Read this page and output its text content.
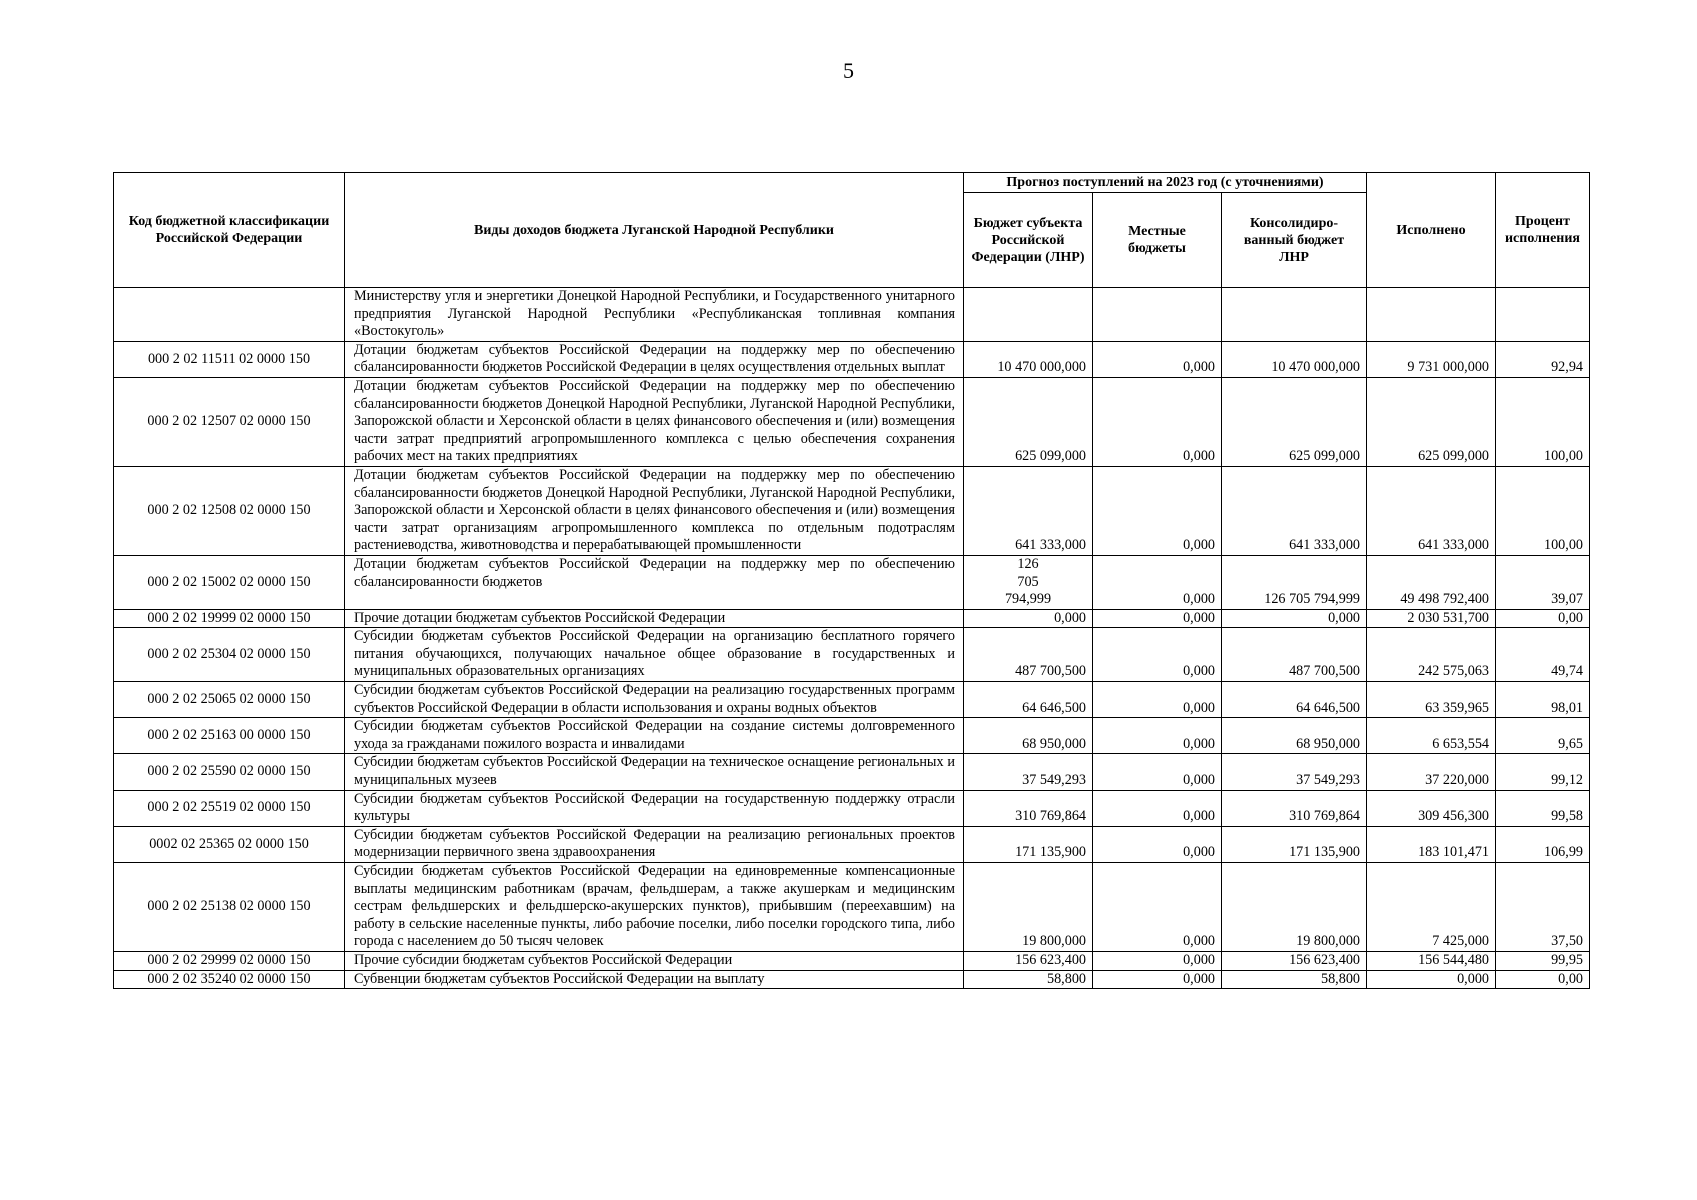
5
Код бюджетной классификации Российской Федерации	Виды доходов бюджета Луганской Народной Республики	Прогноз поступлений на 2023 год (с уточнениями)			Исполнено	Процент исполнения
		Бюджет субъекта Российской Федерации (ЛНР)	Местные бюджеты	Консолидиро-ванный бюджет ЛНР		
	Министерству угля и энергетики Донецкой Народной Республики, и Государственного унитарного предприятия Луганской Народной Республики «Республиканская топливная компания «Востокуголь»					
000 2 02 11511 02 0000 150	Дотации бюджетам субъектов Российской Федерации на поддержку мер по обеспечению сбалансированности бюджетов Российской Федерации в целях осуществления отдельных выплат	10 470 000,000	0,000	10 470 000,000	9 731 000,000	92,94
000 2 02 12507 02 0000 150	Дотации бюджетам субъектов Российской Федерации на поддержку мер по обеспечению сбалансированности бюджетов Донецкой Народной Республики, Луганской Народной Республики, Запорожской области и Херсонской области в целях финансового обеспечения и (или) возмещения части затрат предприятий агропромышленного комплекса с целью обеспечения сохранения рабочих мест на таких предприятиях	625 099,000	0,000	625 099,000	625 099,000	100,00
000 2 02 12508 02 0000 150	Дотации бюджетам субъектов Российской Федерации на поддержку мер по обеспечению сбалансированности бюджетов Донецкой Народной Республики, Луганской Народной Республики, Запорожской области и Херсонской области в целях финансового обеспечения и (или) возмещения части затрат организациям агропромышленного комплекса по отдельным подотраслям растениеводства, животноводства и перерабатывающей промышленности	641 333,000	0,000	641 333,000	641 333,000	100,00
000 2 02 15002 02 0000 150	Дотации бюджетам субъектов Российской Федерации на поддержку мер по обеспечению сбалансированности бюджетов	126 705 794,999	0,000	126 705 794,999	49 498 792,400	39,07
000 2 02 19999 02 0000 150	Прочие дотации бюджетам субъектов Российской Федерации	0,000	0,000	0,000	2 030 531,700	0,00
000 2 02 25304 02 0000 150	Субсидии бюджетам субъектов Российской Федерации на организацию бесплатного горячего питания обучающихся, получающих начальное общее образование в государственных и муниципальных образовательных организациях	487 700,500	0,000	487 700,500	242 575,063	49,74
000 2 02 25065 02 0000 150	Субсидии бюджетам субъектов Российской Федерации на реализацию государственных программ субъектов Российской Федерации в области использования и охраны водных объектов	64 646,500	0,000	64 646,500	63 359,965	98,01
000 2 02 25163 00 0000 150	Субсидии бюджетам субъектов Российской Федерации на создание системы долговременного ухода за гражданами пожилого возраста и инвалидами	68 950,000	0,000	68 950,000	6 653,554	9,65
000 2 02 25590 02 0000 150	Субсидии бюджетам субъектов Российской Федерации на техническое оснащение региональных и муниципальных музеев	37 549,293	0,000	37 549,293	37 220,000	99,12
000 2 02 25519 02 0000 150	Субсидии бюджетам субъектов Российской Федерации на государственную поддержку отрасли культуры	310 769,864	0,000	310 769,864	309 456,300	99,58
0002 02 25365 02 0000 150	Субсидии бюджетам субъектов Российской Федерации на реализацию региональных проектов модернизации первичного звена здравоохранения	171 135,900	0,000	171 135,900	183 101,471	106,99
000 2 02 25138 02 0000 150	Субсидии бюджетам субъектов Российской Федерации на единовременные компенсационные выплаты медицинским работникам (врачам, фельдшерам, а также акушеркам и медицинским сестрам фельдшерских и фельдшерско-акушерских пунктов), прибывшим (переехавшим) на работу в сельские населенные пункты, либо рабочие поселки, либо поселки городского типа, либо города с населением до 50 тысяч человек	19 800,000	0,000	19 800,000	7 425,000	37,50
000 2 02 29999 02 0000 150	Прочие субсидии бюджетам субъектов Российской Федерации	156 623,400	0,000	156 623,400	156 544,480	99,95
000 2 02 35240 02 0000 150	Субвенции бюджетам субъектов Российской Федерации на выплату	58,800	0,000	58,800	0,000	0,00
